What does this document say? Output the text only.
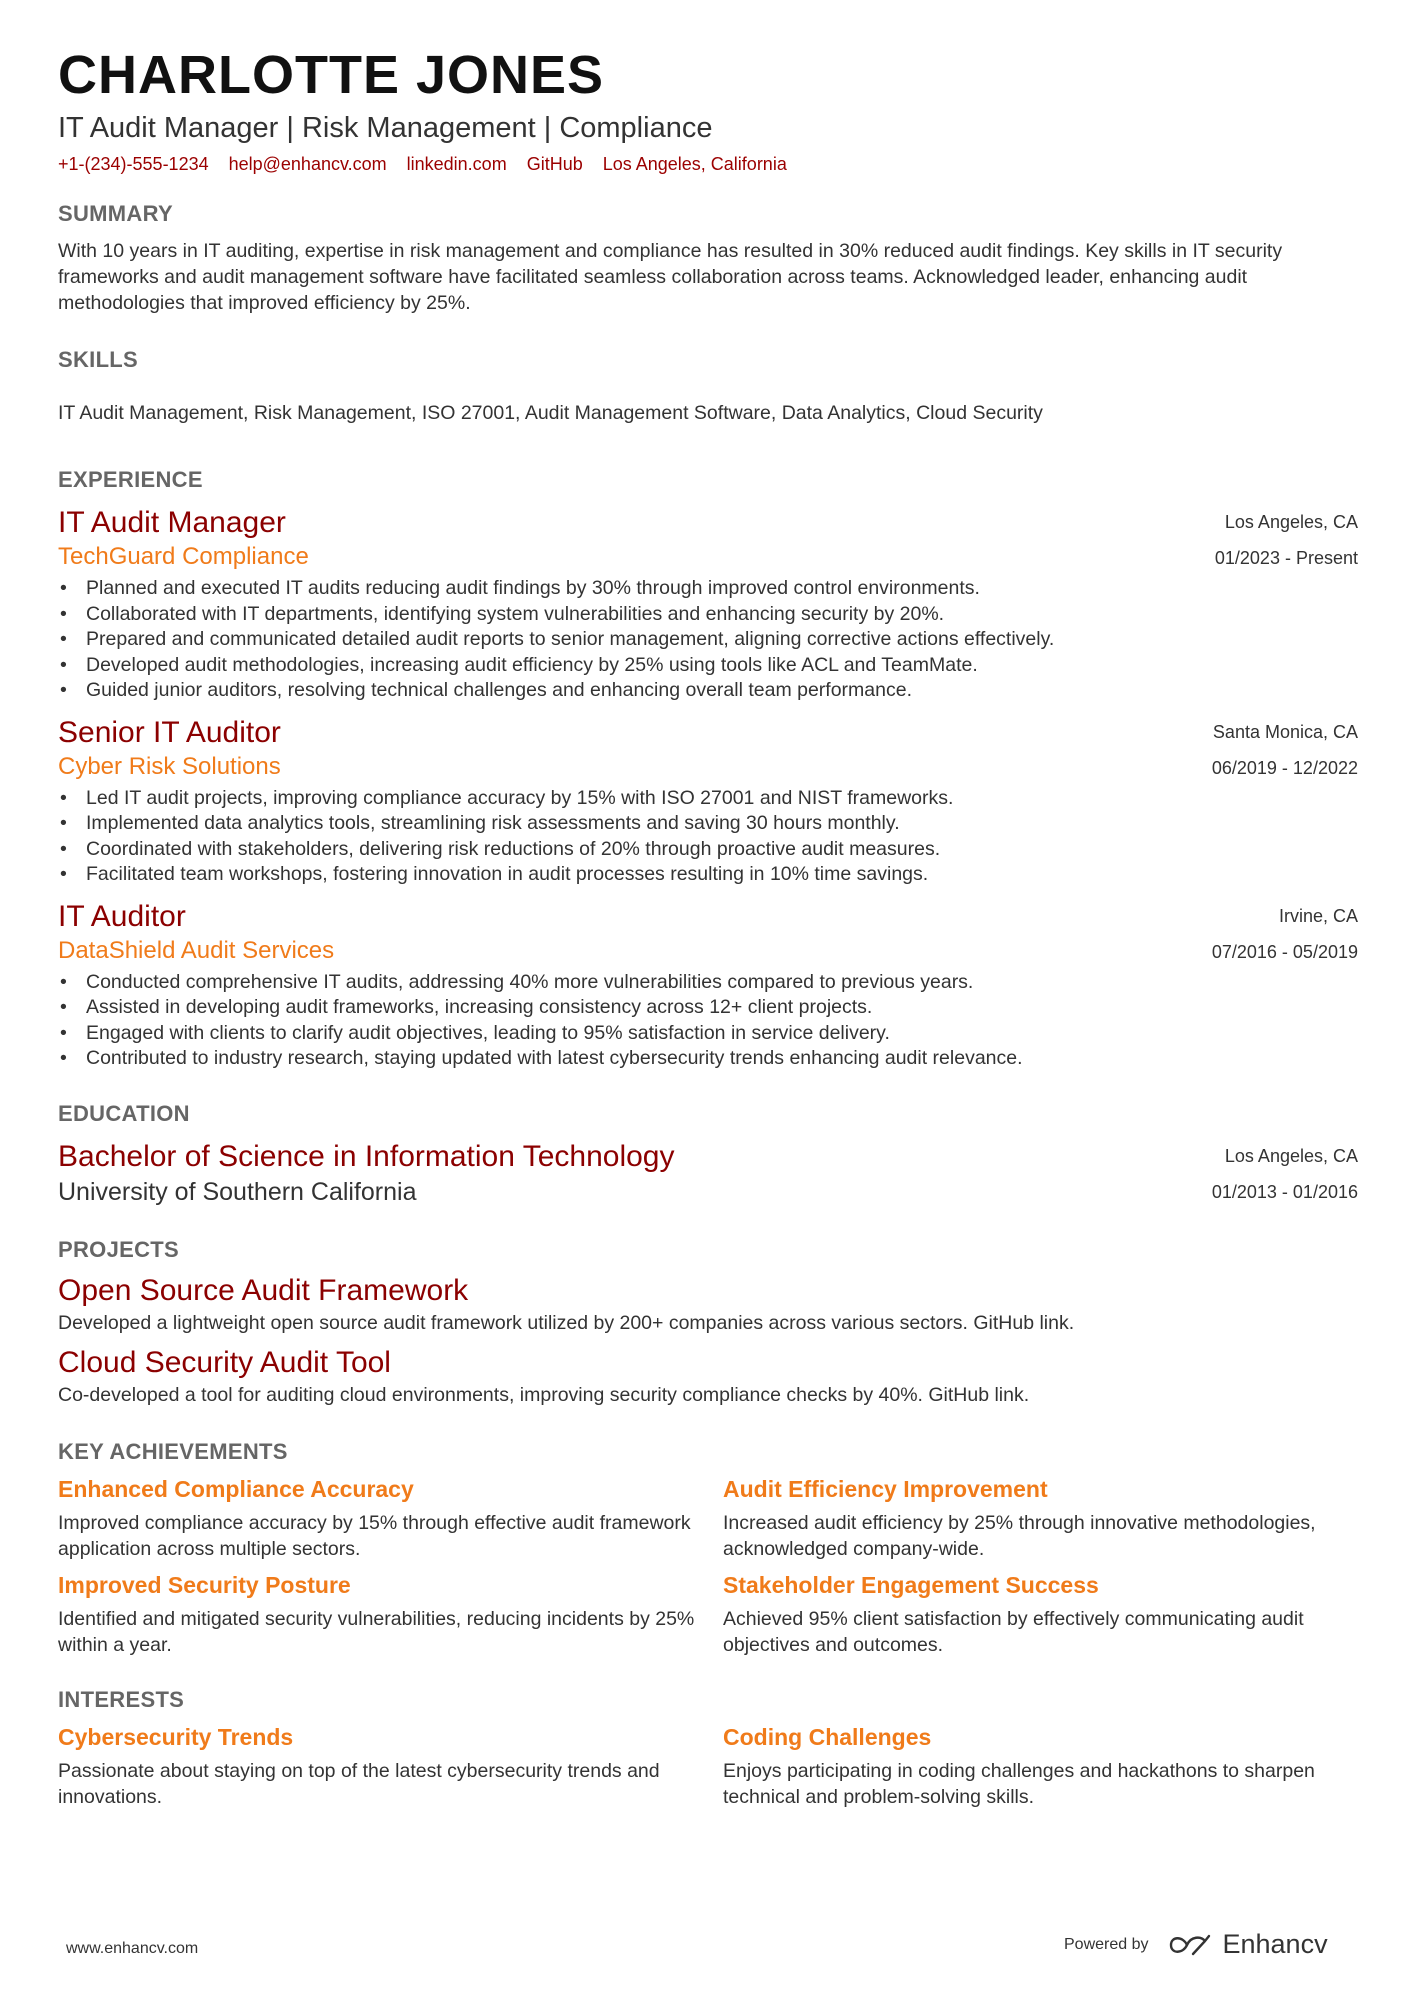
CHARLOTTE JONES
IT Audit Manager | Risk Management | Compliance
+1-(234)-555-1234 help@enhancv.com linkedin.com GitHub Los Angeles, California
SUMMARY
With 10 years in IT auditing, expertise in risk management and compliance has resulted in 30% reduced audit findings. Key skills in IT security frameworks and audit management software have facilitated seamless collaboration across teams. Acknowledged leader, enhancing audit methodologies that improved efficiency by 25%.
SKILLS
IT Audit Management, Risk Management, ISO 27001, Audit Management Software, Data Analytics, Cloud Security
EXPERIENCE
IT Audit Manager
TechGuard Compliance
Los Angeles, CA
01/2023 - Present
• Planned and executed IT audits reducing audit findings by 30% through improved control environments.
• Collaborated with IT departments, identifying system vulnerabilities and enhancing security by 20%.
• Prepared and communicated detailed audit reports to senior management, aligning corrective actions effectively.
• Developed audit methodologies, increasing audit efficiency by 25% using tools like ACL and TeamMate.
• Guided junior auditors, resolving technical challenges and enhancing overall team performance.
Senior IT Auditor
Cyber Risk Solutions
Santa Monica, CA
06/2019 - 12/2022
• Led IT audit projects, improving compliance accuracy by 15% with ISO 27001 and NIST frameworks.
• Implemented data analytics tools, streamlining risk assessments and saving 30 hours monthly.
• Coordinated with stakeholders, delivering risk reductions of 20% through proactive audit measures.
• Facilitated team workshops, fostering innovation in audit processes resulting in 10% time savings.
IT Auditor
DataShield Audit Services
Irvine, CA
07/2016 - 05/2019
• Conducted comprehensive IT audits, addressing 40% more vulnerabilities compared to previous years.
• Assisted in developing audit frameworks, increasing consistency across 12+ client projects.
• Engaged with clients to clarify audit objectives, leading to 95% satisfaction in service delivery.
• Contributed to industry research, staying updated with latest cybersecurity trends enhancing audit relevance.
EDUCATION
Bachelor of Science in Information Technology
University of Southern California
Los Angeles, CA
01/2013 - 01/2016
PROJECTS
Open Source Audit Framework
Developed a lightweight open source audit framework utilized by 200+ companies across various sectors. GitHub link.
Cloud Security Audit Tool
Co-developed a tool for auditing cloud environments, improving security compliance checks by 40%. GitHub link.
KEY ACHIEVEMENTS
Enhanced Compliance Accuracy
Improved compliance accuracy by 15% through effective audit framework application across multiple sectors.
Audit Efficiency Improvement
Increased audit efficiency by 25% through innovative methodologies, acknowledged company-wide.
Improved Security Posture
Identified and mitigated security vulnerabilities, reducing incidents by 25% within a year.
Stakeholder Engagement Success
Achieved 95% client satisfaction by effectively communicating audit objectives and outcomes.
INTERESTS
Cybersecurity Trends
Passionate about staying on top of the latest cybersecurity trends and innovations.
Coding Challenges
Enjoys participating in coding challenges and hackathons to sharpen technical and problem-solving skills.
www.enhancv.com	Powered by	Enhancv
